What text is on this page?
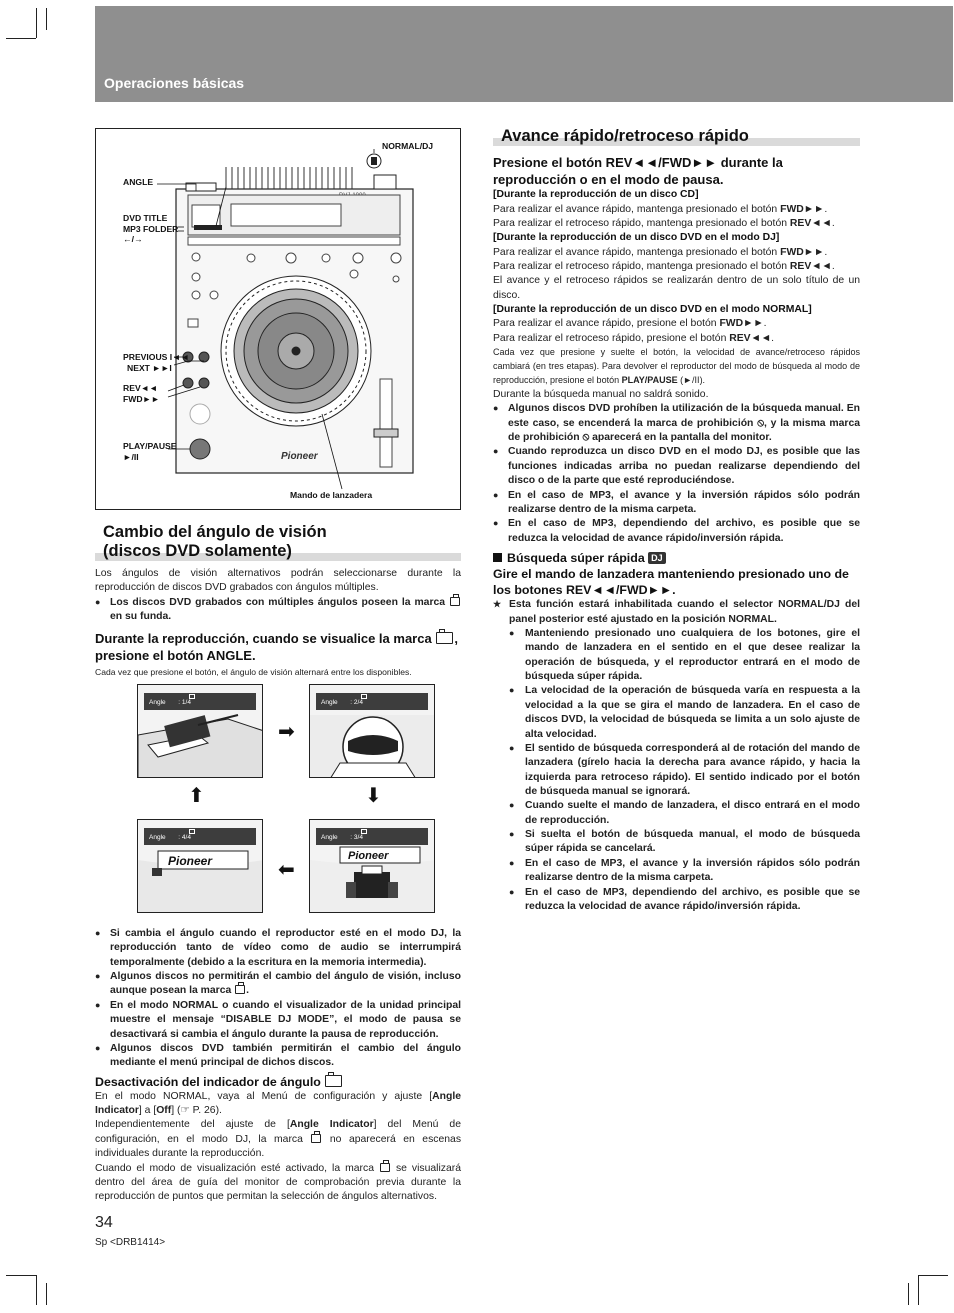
Operaciones básicas
Pioneer
ANGLE
NORMAL/DJ
DVD TITLE
MP3 FOLDER
←/→
PREVIOUS I◄◄
NEXT ►►I
REV◄◄
FWD►►
PLAY/PAUSE
►/II
Mando de lanzadera
Cambio del ángulo de visión
(discos DVD solamente)

Los ángulos de visión alternativos podrán seleccionarse durante la reproducción de discos DVD grabados con ángulos múltiples.

● Los discos DVD grabados con múltiples ángulos poseen la marca  en su funda.
Durante la reproducción, cuando se visualice la marca , presione el botón ANGLE.

Cada vez que presione el botón, el ángulo de visión alternará entre los disponibles.

Angle : 1/4	Angle : 2/4
Angle : 4/4
Pioneer
Angle : 3/4
Pioneer
➡
⬇
⬅
⬆
● Si cambia el ángulo cuando el reproductor esté en el modo DJ, la reproducción tanto de vídeo como de audio se interrumpirá temporalmente (debido a la escritura en la memoria intermedia).
● Algunos discos no permitirán el cambio del ángulo de visión, incluso aunque posean la marca .
● En el modo NORMAL o cuando el visualizador de la unidad principal muestre el mensaje “DISABLE DJ MODE”, el modo de pausa se desactivará si cambia el ángulo durante la pausa de reproducción.
● Algunos discos DVD también permitirán el cambio del ángulo mediante el menú principal de dichos discos.
Desactivación del indicador de ángulo

En el modo NORMAL, vaya al Menú de configuración y ajuste [Angle Indicator] a [Off] (☞ P. 26).

Independientemente del ajuste de [Angle Indicator] del Menú de configuración, en el modo DJ, la marca	no aparecerá en escenas individuales durante la reproducción.

Cuando el modo de visualización esté activado, la marca se visualizará dentro del área de guía del monitor de comprobación previa durante la reproducción de puntos que permitan la selección de ángulos alternativos.

Avance rápido/retroceso rápido
Presione el botón REV◄◄/FWD►► durante la reproducción o en el modo de pausa.
[Durante la reproducción de un disco CD]

Para realizar el avance rápido, mantenga presionado el botón FWD►►.

Para realizar el retroceso rápido, mantenga presionado el botón REV◄◄.

[Durante la reproducción de un disco DVD en el modo DJ]

Para realizar el avance rápido, mantenga presionado el botón FWD►►.

Para realizar el retroceso rápido, mantenga presionado el botón REV◄◄.

El avance y el retroceso rápidos se realizarán dentro de un solo título de un disco.

[Durante la reproducción de un disco DVD en el modo NORMAL]

Para realizar el avance rápido, presione el botón FWD►►.

Para realizar el retroceso rápido, presione el botón REV◄◄.

Cada vez que presione y suelte el botón, la velocidad de avance/retroceso rápidos cambiará (en tres etapas). Para devolver el reproductor del modo de búsqueda al modo de reproducción, presione el botón PLAY/PAUSE (►/II).

Durante la búsqueda manual no saldrá sonido.

● Algunos discos DVD prohíben la utilización de la búsqueda manual. En este caso, se encenderá la marca de prohibición ⦸, y la misma marca de prohibición ⦸ aparecerá en la pantalla del monitor.
● Cuando reproduzca un disco DVD en el modo DJ, es posible que las funciones indicadas arriba no puedan realizarse dependiendo del disco o de la parte que esté reproduciéndose.
● En el caso de MP3, el avance y la inversión rápidos sólo podrán realizarse dentro de la misma carpeta.
● En el caso de MP3, dependiendo del archivo, es posible que se reduzca la velocidad de avance rápido/inversión rápida.
Búsqueda súper rápida DJ
Gire el mando de lanzadera manteniendo presionado uno de los botones REV◄◄/FWD►►.
★ Esta función estará inhabilitada cuando el selector NORMAL/DJ del panel posterior esté ajustado en la posición NORMAL.
● Manteniendo presionado uno cualquiera de los botones, gire el mando de lanzadera en el sentido en el que desee realizar la operación de búsqueda, y el reproductor entrará en el modo de búsqueda súper rápida.
● La velocidad de la operación de búsqueda varía en respuesta a la velocidad a la que se gira el mando de lanzadera. En el caso de discos DVD, la velocidad de búsqueda se limita a un solo ajuste de alta velocidad.
● El sentido de búsqueda corresponderá al de rotación del mando de lanzadera (gírelo hacia la derecha para avance rápido, y hacia la izquierda para retroceso rápido). El sentido indicado por el botón de búsqueda manual se ignorará.
● Cuando suelte el mando de lanzadera, el disco entrará en el modo de reproducción.
● Si suelta el botón de búsqueda manual, el modo de búsqueda súper rápida se cancelará.
● En el caso de MP3, el avance y la inversión rápidos sólo podrán realizarse dentro de la misma carpeta.
● En el caso de MP3, dependiendo del archivo, es posible que se reduzca la velocidad de avance rápido/inversión rápida.
34
Sp <DRB1414>
